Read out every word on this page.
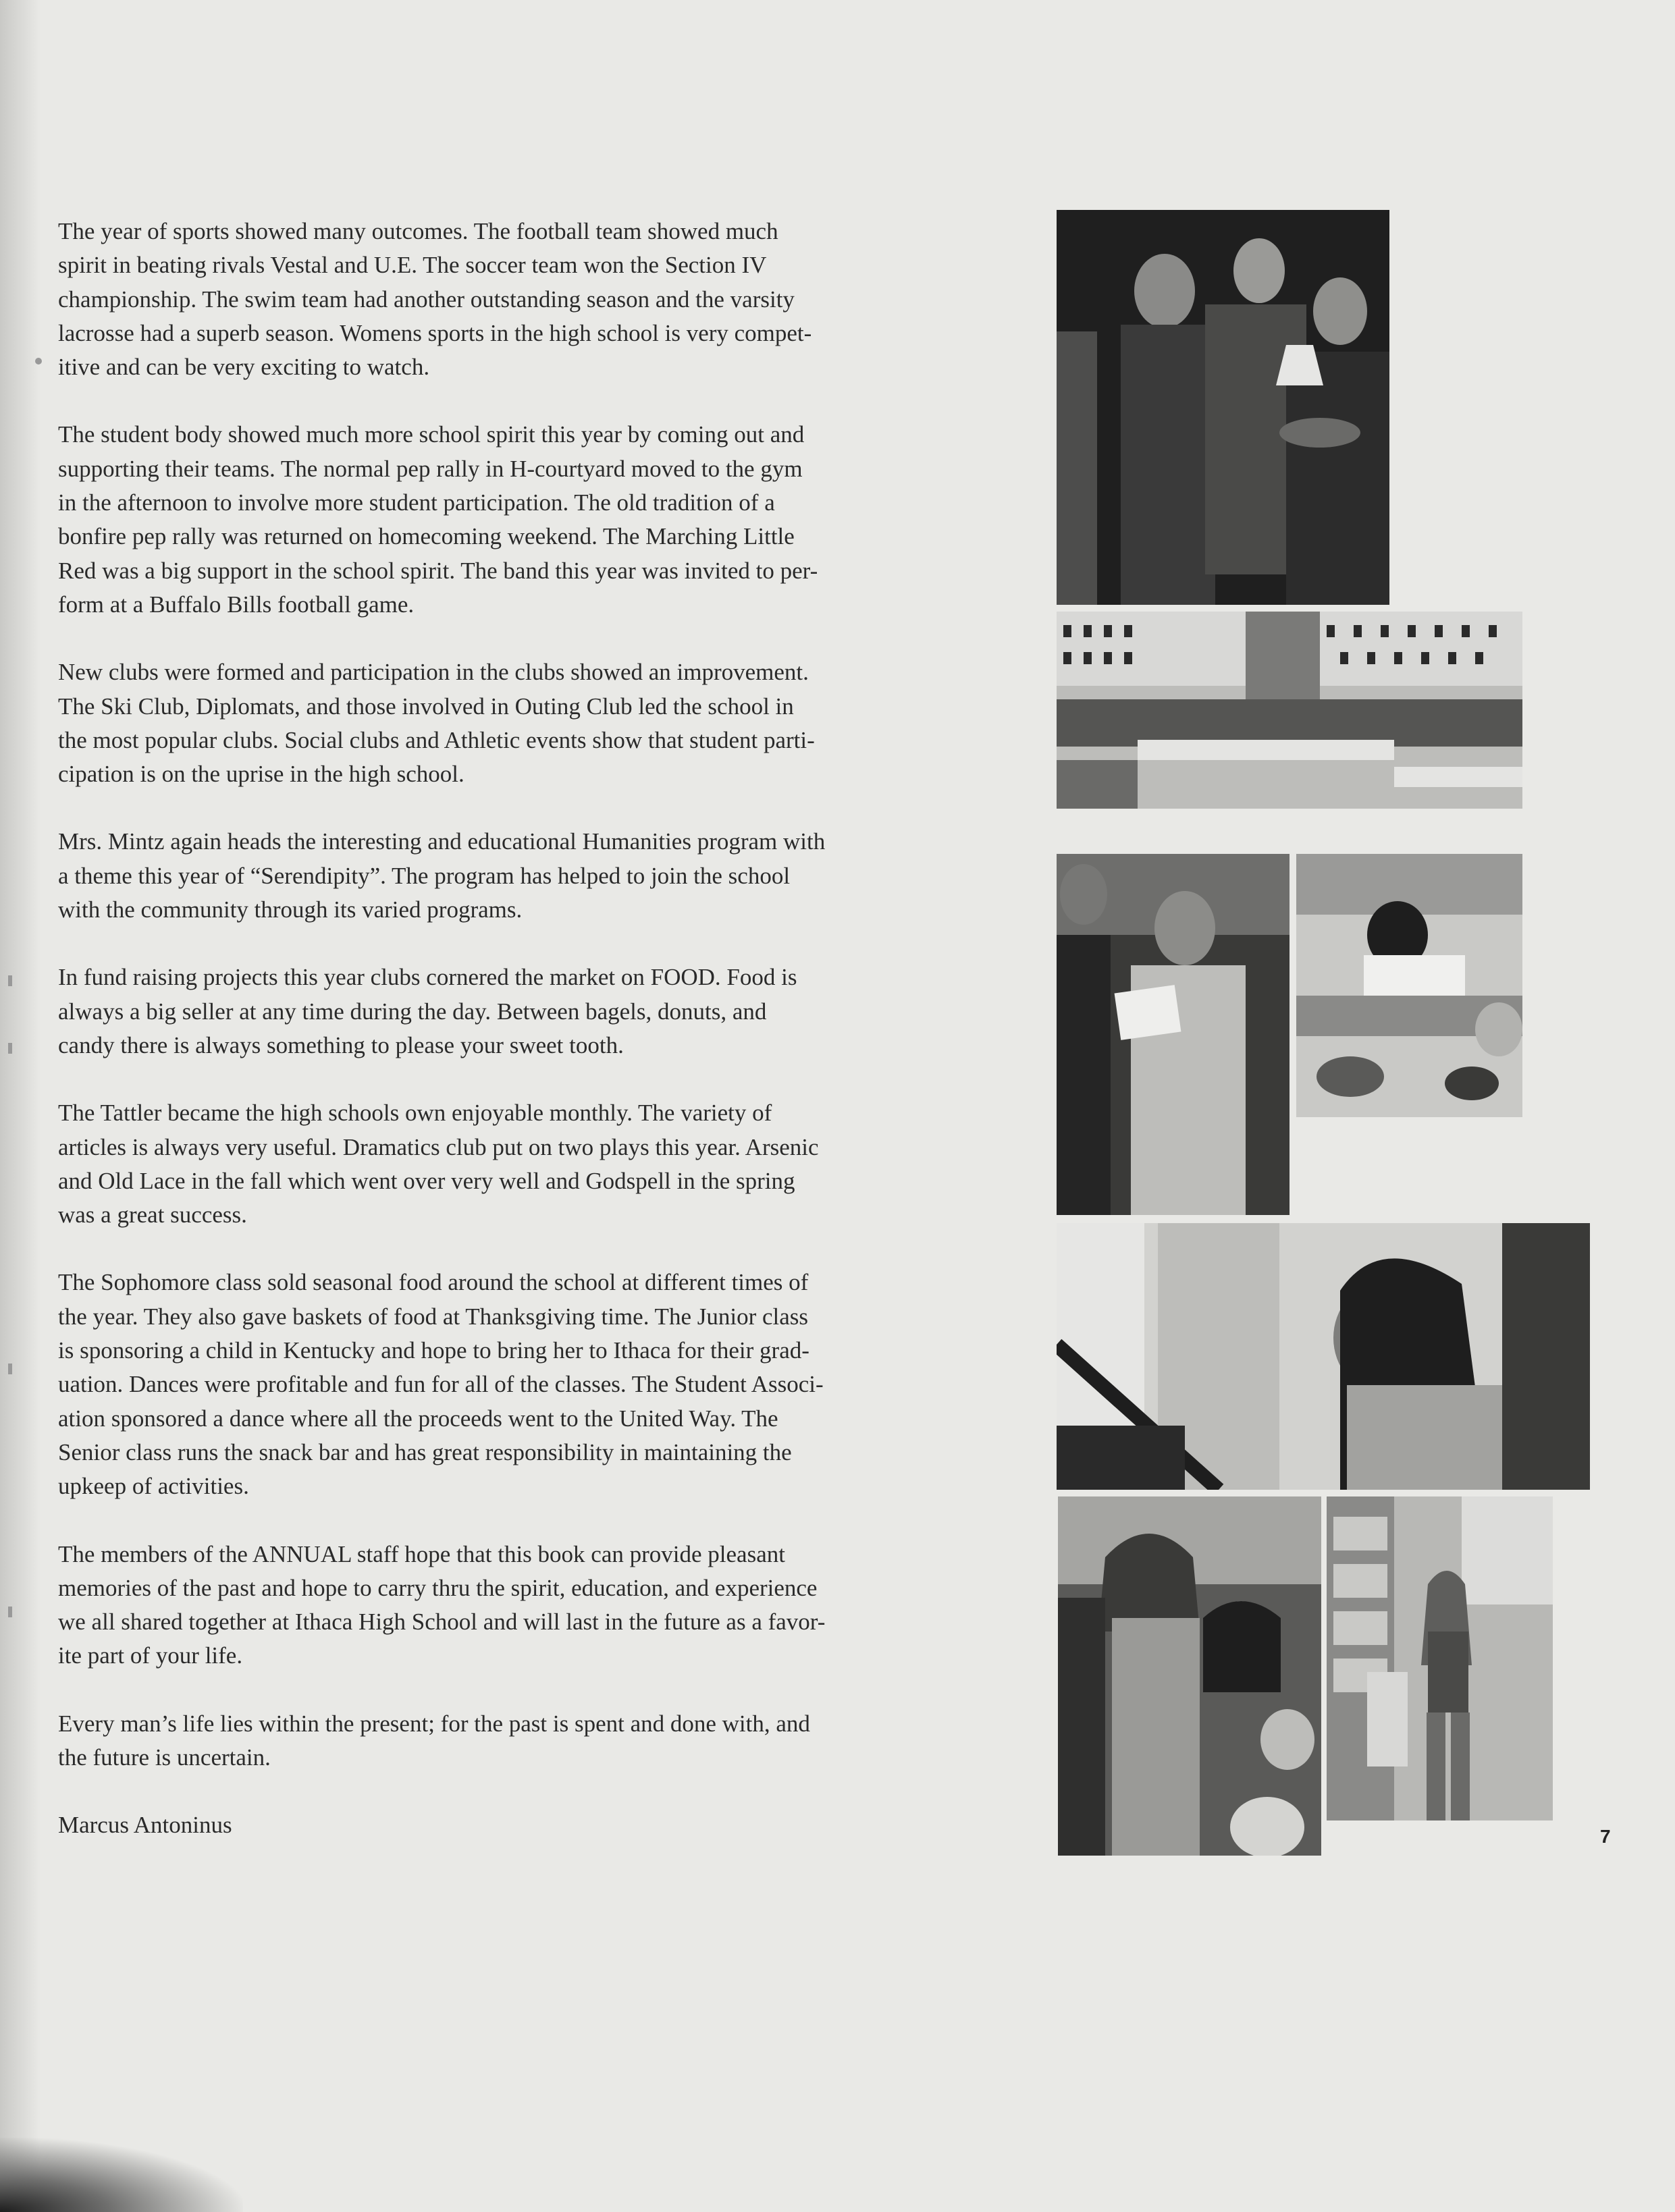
The year of sports showed many outcomes. The football team showed much
spirit in beating rivals Vestal and U.E. The soccer team won the Section IV
championship. The swim team had another outstanding season and the varsity
lacrosse had a superb season. Womens sports in the high school is very compet-
itive and can be very exciting to watch.

The student body showed much more school spirit this year by coming out and
supporting their teams. The normal pep rally in H-courtyard moved to the gym
in the afternoon to involve more student participation. The old tradition of a
bonfire pep rally was returned on homecoming weekend. The Marching Little
Red was a big support in the school spirit. The band this year was invited to per-
form at a Buffalo Bills football game.

New clubs were formed and participation in the clubs showed an improvement.
The Ski Club, Diplomats, and those involved in Outing Club led the school in
the most popular clubs. Social clubs and Athletic events show that student parti-
cipation is on the uprise in the high school.

Mrs. Mintz again heads the interesting and educational Humanities program with
a theme this year of “Serendipity”. The program has helped to join the school
with the community through its varied programs.

In fund raising projects this year clubs cornered the market on FOOD. Food is
always a big seller at any time during the day. Between bagels, donuts, and
candy there is always something to please your sweet tooth.

The Tattler became the high schools own enjoyable monthly. The variety of
articles is always very useful. Dramatics club put on two plays this year. Arsenic
and Old Lace in the fall which went over very well and Godspell in the spring
was a great success.

The Sophomore class sold seasonal food around the school at different times of
the year. They also gave baskets of food at Thanksgiving time. The Junior class
is sponsoring a child in Kentucky and hope to bring her to Ithaca for their grad-
uation. Dances were profitable and fun for all of the classes. The Student Associ-
ation sponsored a dance where all the proceeds went to the United Way. The
Senior class runs the snack bar and has great responsibility in maintaining the
upkeep of activities.

The members of the ANNUAL staff hope that this book can provide pleasant
memories of the past and hope to carry thru the spirit, education, and experience
we all shared together at Ithaca High School and will last in the future as a favor-
ite part of your life.

Every man’s life lies within the present; for the past is spent and done with, and
the future is uncertain.

Marcus Antoninus	7
